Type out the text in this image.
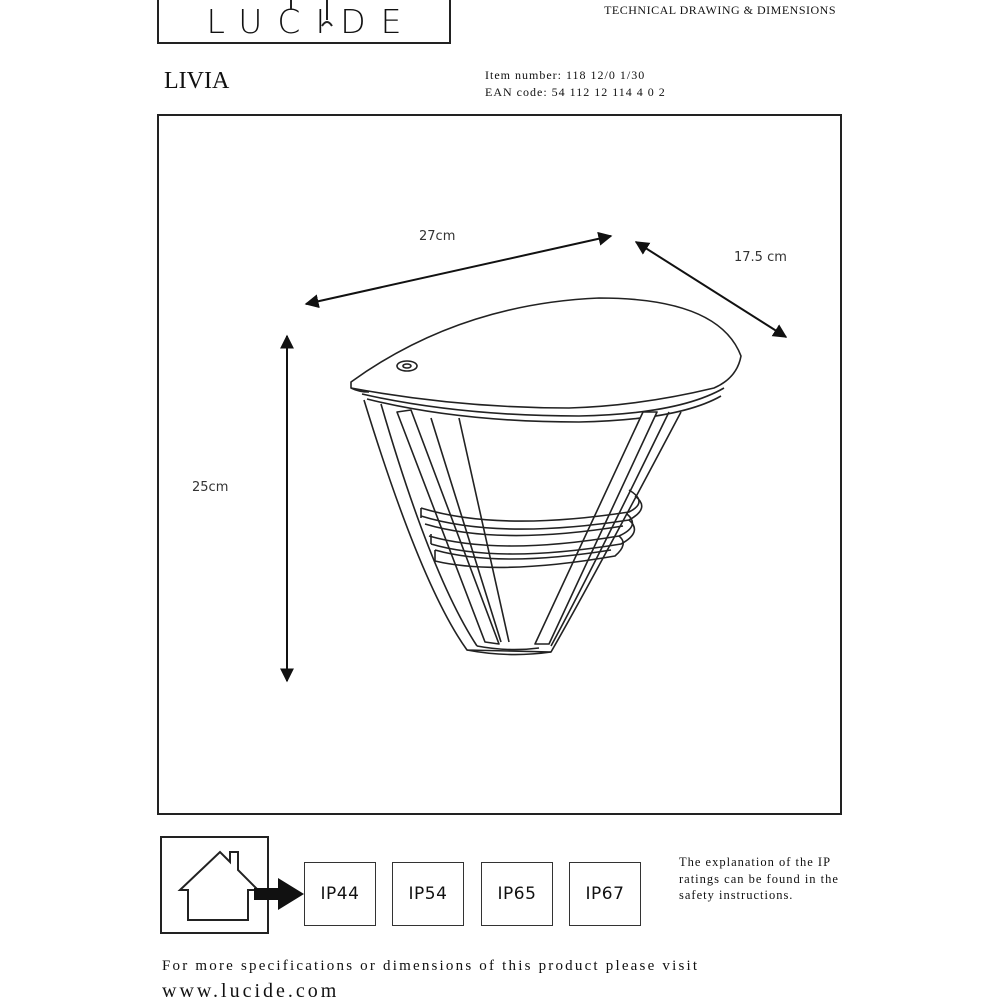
LUCIDE	TECHNICAL DRAWING & DIMENSIONS
LIVIA	Item number: 118 12/0 1/30
EAN code: 54 112 12 114 4 0 2
27cm
17.5 cm
25cm
IP44	IP54	IP65	IP67
The explanation of the IP ratings can be found in the safety instructions.
For more specifications or dimensions of this product please visit
www.lucide.com
